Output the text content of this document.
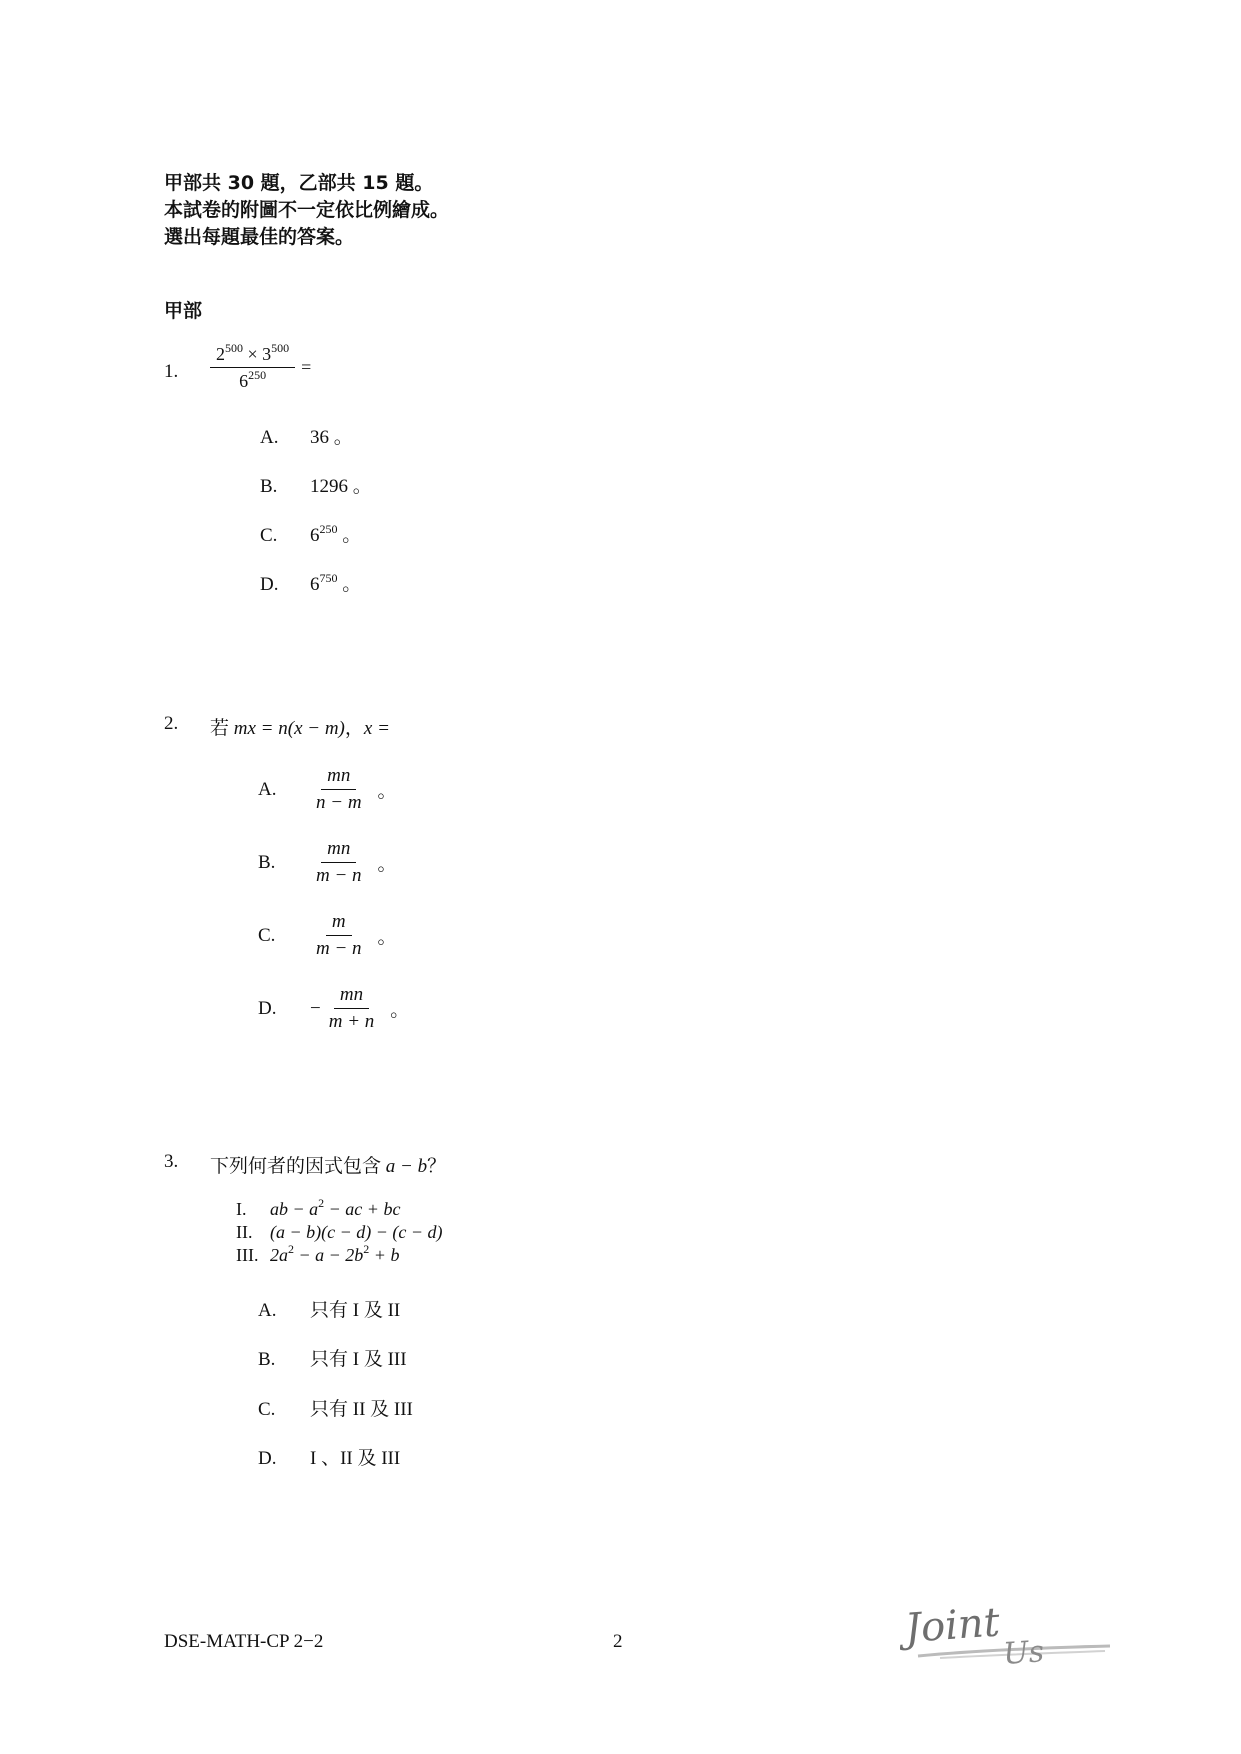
甲部共 30 題，乙部共 15 題。
本試卷的附圖不一定依比例繪成。
選出每題最佳的答案。
甲部
1. $\frac{2^{500} \times 3^{500}}{6^{250}}$ =
A. 36 。
B. 1296 。
C. $6^{250}$ 。
D. $6^{750}$ 。
2. 若 mx = n(x − m)，x =
A.	$\frac{mn}{n - m}$ 。
B.	$\frac{mn}{m - n}$ 。
C.	$\frac{m}{m - n}$ 。
D.	− $\frac{mn}{m + n}$ 。
3. 下列何者的因式包含 a − b？
I. ab − $a^2$ − ac + bc
II. (a − b)(c − d) − (c − d)
III. $2a^2 - a - 2b^2 + b$
A. 只有 I 及 II
B. 只有 I 及 III
C. 只有 II 及 III
D. I 、II 及 III
DSE-MATH-CP 2−2	2	Joint
Us
